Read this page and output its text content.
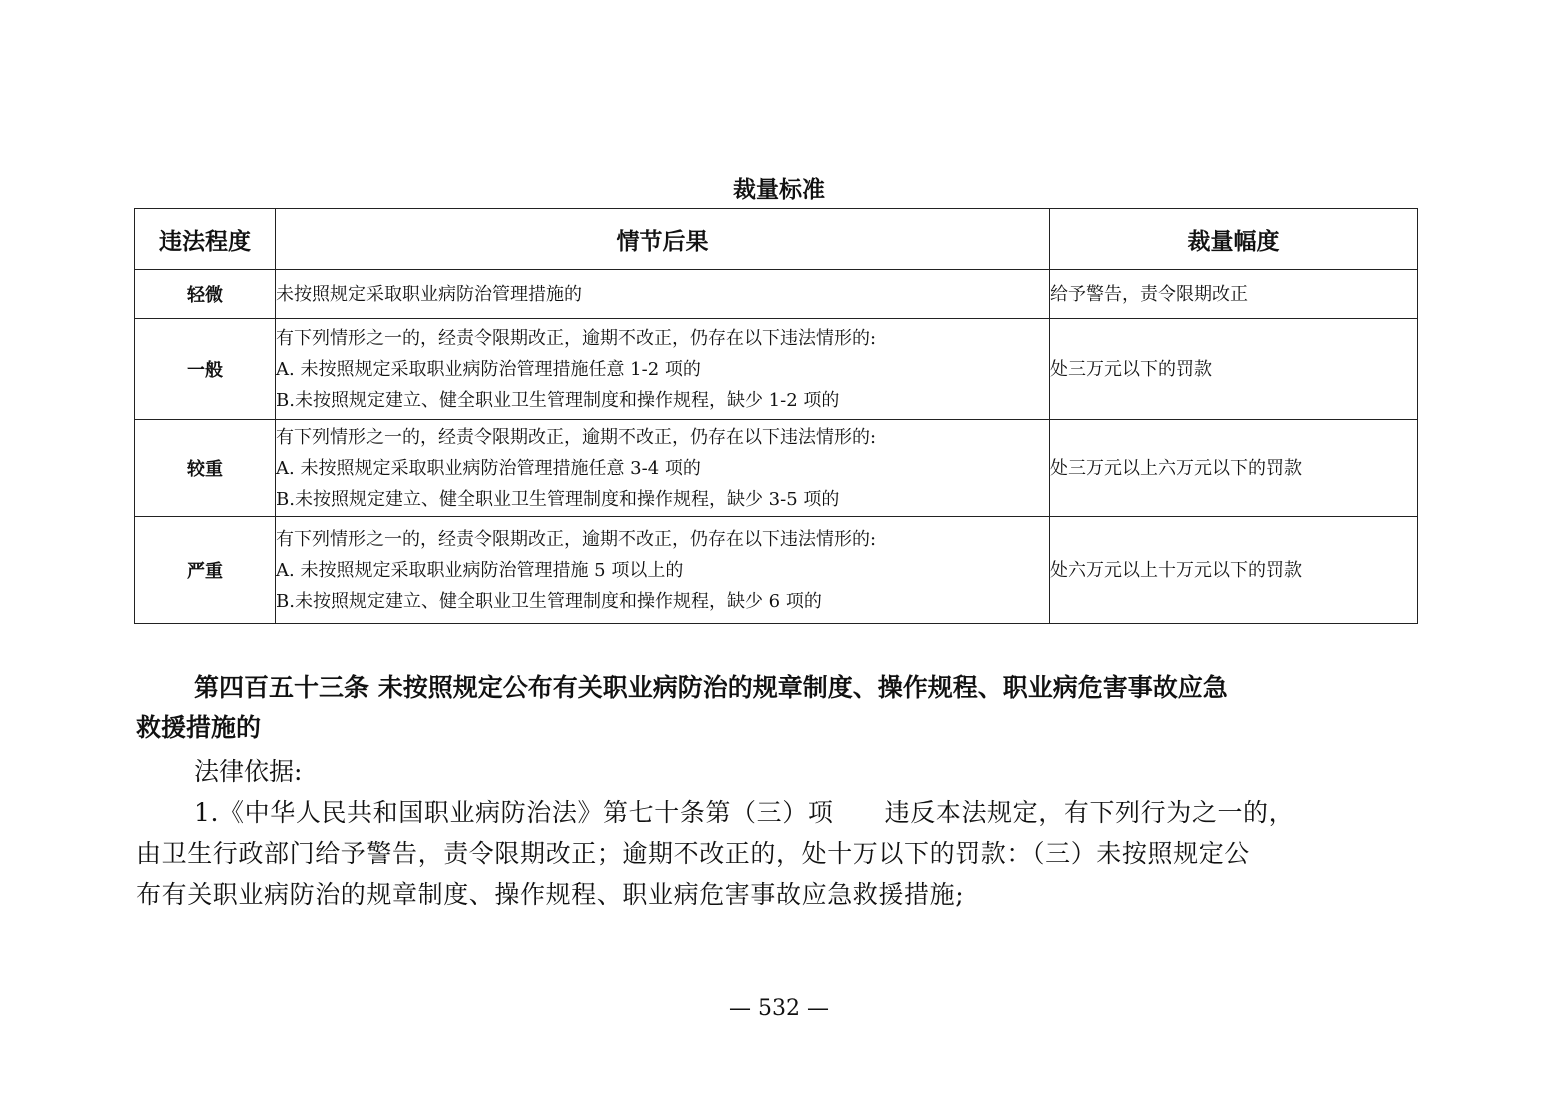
裁量标准
违法程度	情节后果	裁量幅度
轻微	未按照规定采取职业病防治管理措施的	给予警告，责令限期改正
一般	有下列情形之一的，经责令限期改正，逾期不改正，仍存在以下违法情形的:
A. 未按照规定采取职业病防治管理措施任意 1-2 项的
B.未按照规定建立、健全职业卫生管理制度和操作规程，缺少 1-2 项的	处三万元以下的罚款
较重	有下列情形之一的，经责令限期改正，逾期不改正，仍存在以下违法情形的:
A. 未按照规定采取职业病防治管理措施任意 3-4 项的
B.未按照规定建立、健全职业卫生管理制度和操作规程，缺少 3-5 项的	处三万元以上六万元以下的罚款
严重	有下列情形之一的，经责令限期改正，逾期不改正，仍存在以下违法情形的:
A. 未按照规定采取职业病防治管理措施 5 项以上的
B.未按照规定建立、健全职业卫生管理制度和操作规程，缺少 6 项的	处六万元以上十万元以下的罚款
第四百五十三条 未按照规定公布有关职业病防治的规章制度、操作规程、职业病危害事故应急
救援措施的
法律依据:
1.《中华人民共和国职业病防治法》第七十条第（三）项　　违反本法规定，有下列行为之一的，
由卫生行政部门给予警告，责令限期改正；逾期不改正的，处十万以下的罚款：（三）未按照规定公
布有关职业病防治的规章制度、操作规程、职业病危害事故应急救援措施;
— 532 —
